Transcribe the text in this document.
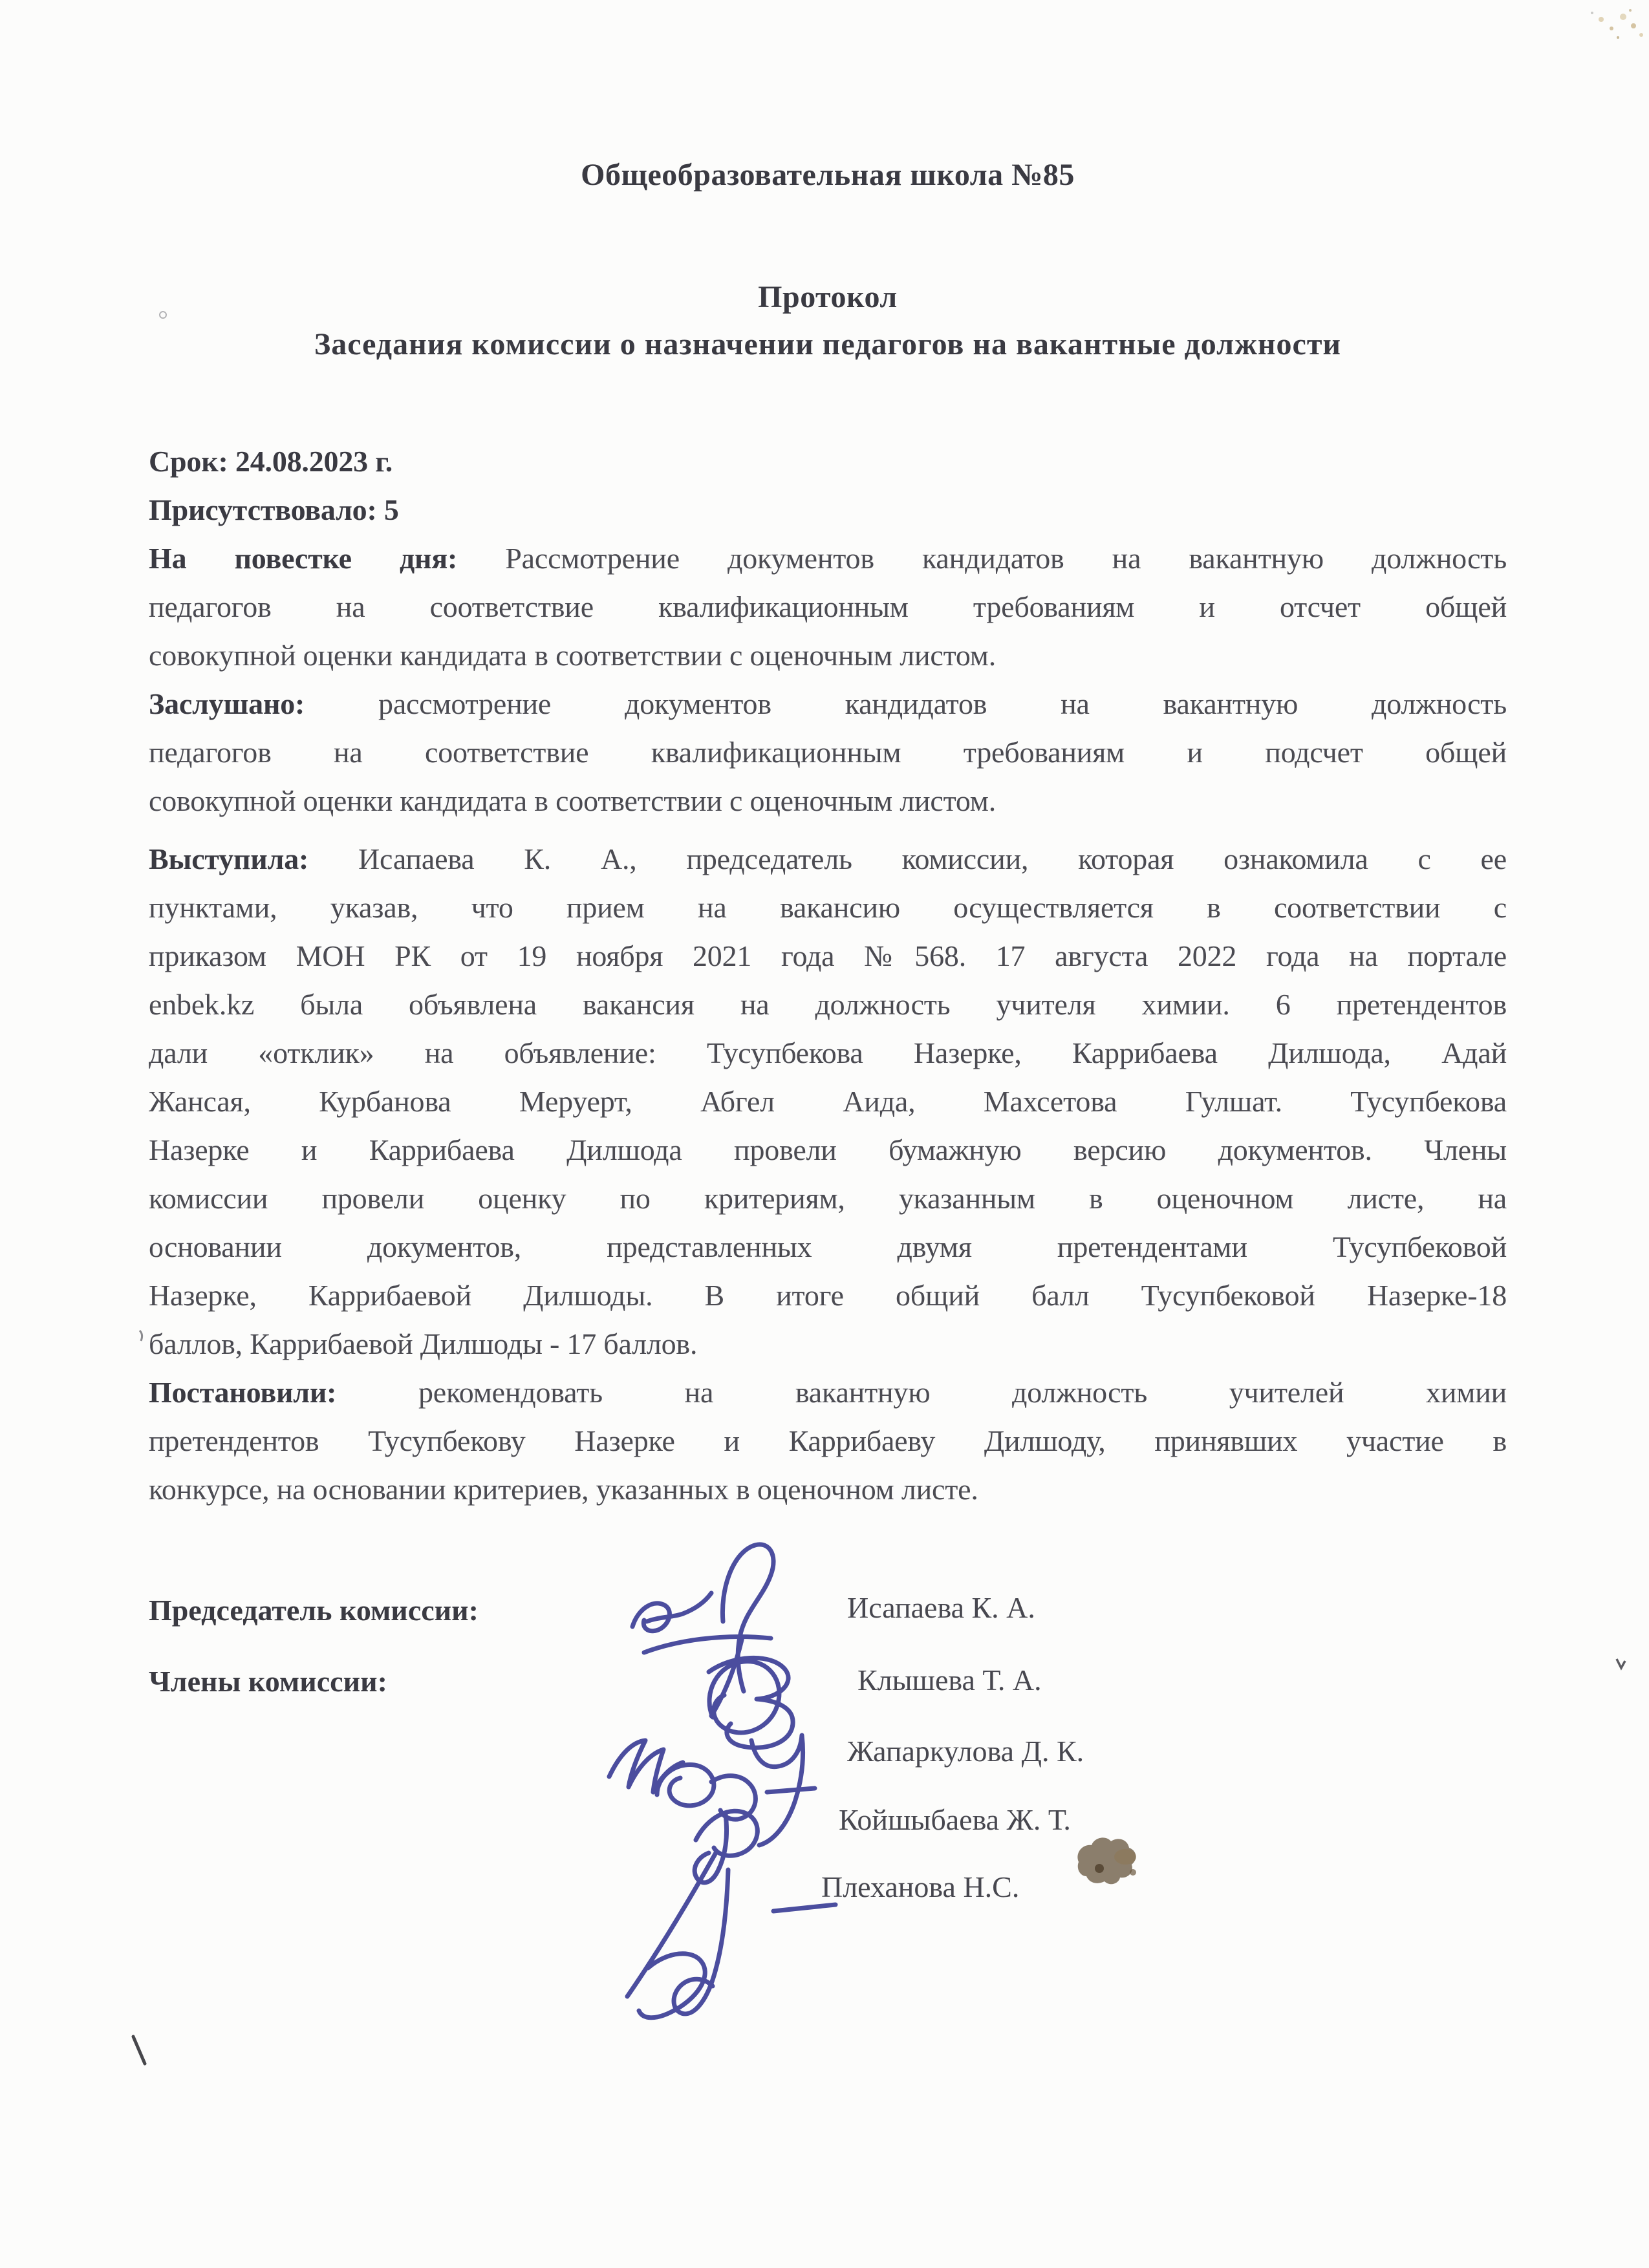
Общеобразовательная школа №85
Протокол
Заседания комиссии о назначении педагогов на вакантные должности
Срок: 24.08.2023 г.
Присутствовало: 5
На повестке дня: Рассмотрение документов кандидатов на вакантную должность
педагогов на соответствие квалификационным требованиям и отсчет общей
совокупной оценки кандидата в соответствии с оценочным листом.
Заслушано: рассмотрение документов кандидатов на вакантную должность
педагогов на соответствие квалификационным требованиям и подсчет общей
совокупной оценки кандидата в соответствии с оценочным листом.
Выступила: Исапаева К. А., председатель комиссии, которая ознакомила с ее
пунктами, указав, что прием на вакансию осуществляется в соответствии с
приказом МОН РК от 19 ноября 2021 года №568. 17 августа 2022 года на портале
enbek.kz была объявлена вакансия на должность учителя химии. 6 претендентов
дали «отклик» на объявление: Тусупбекова Назерке, Каррибаева Дилшода, Адай
Жансая, Курбанова Меруерт, Абгел Аида, Махсетова Гулшат. Тусупбекова
Назерке и Каррибаева Дилшода провели бумажную версию документов. Члены
комиссии провели оценку по критериям, указанным в оценочном листе, на
основании документов, представленных двумя претендентами Тусупбековой
Назерке, Каррибаевой Дилшоды. В итоге общий балл Тусупбековой Назерке-18
баллов, Каррибаевой Дилшоды - 17 баллов.
Постановили: рекомендовать на вакантную должность учителей химии
претендентов Тусупбекову Назерке и Каррибаеву Дилшоду, принявших участие в
конкурсе, на основании критериев, указанных в оценочном листе.
Председатель комиссии:
Члены комиссии:
Исапаева К. А.
Клышева Т. А.
Жапаркулова Д. К.
Койшыбаева Ж. Т.
Плеханова Н.С.
